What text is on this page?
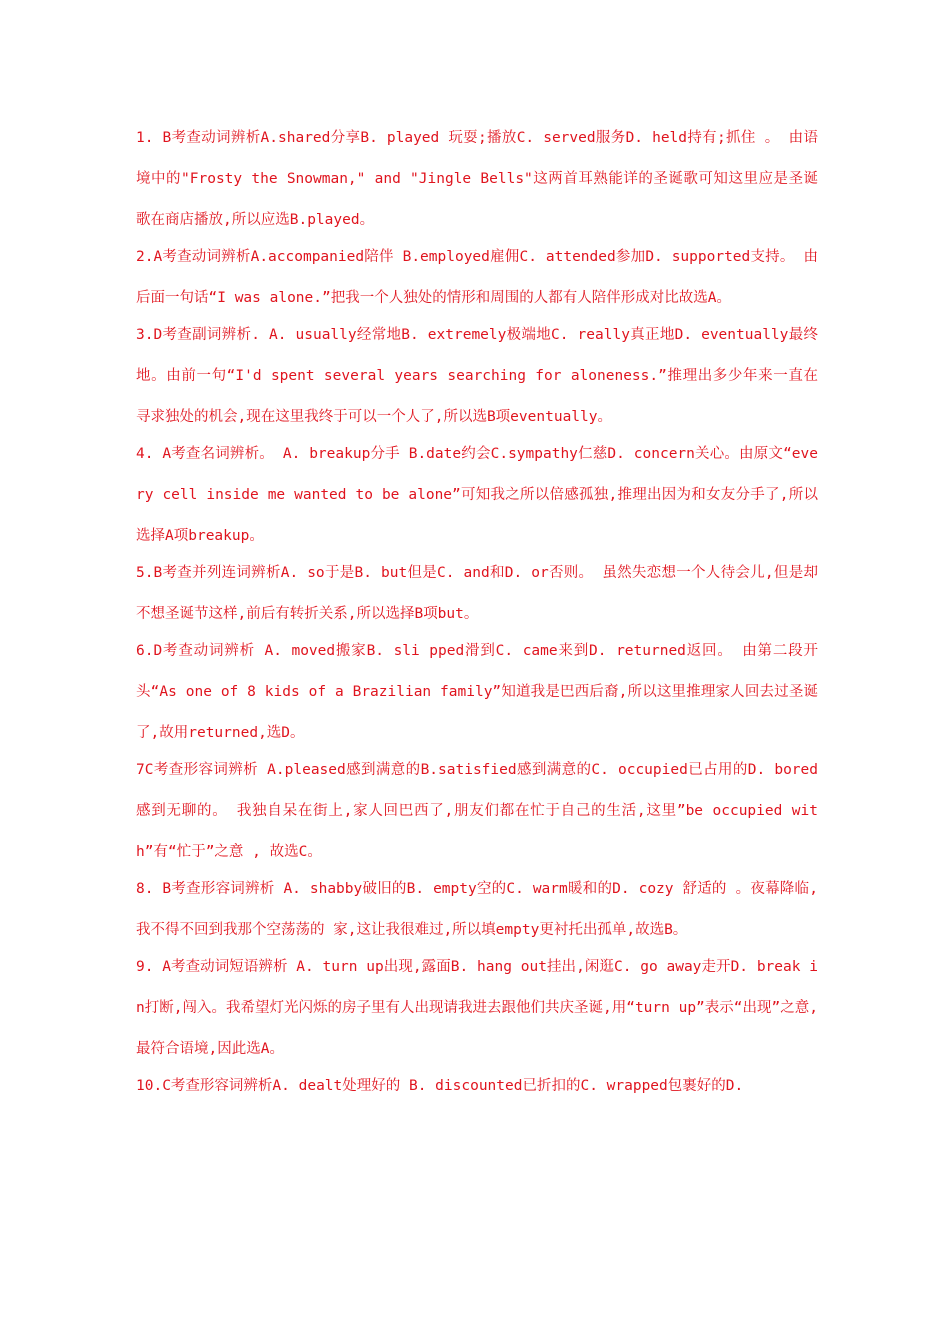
1. B考查动词辨析A.shared分享B. played 玩耍;播放C. served服务D. held持有;抓住 。 由语境中的"Frosty the Snowman," and "Jingle Bells"这两首耳熟能详的圣诞歌可知这里应是圣诞歌在商店播放,所以应选B.played。

2.A考查动词辨析A.accompanied陪伴 B.employed雇佣C. attended参加D. supported支持。 由后面一句话“I was alone.”把我一个人独处的情形和周围的人都有人陪伴形成对比故选A。

3.D考查副词辨析. A. usually经常地B. extremely极端地C. really真正地D. eventually最终地。由前一句“I'd spent several years searching for aloneness.”推理出多少年来一直在寻求独处的机会,现在这里我终于可以一个人了,所以选B项eventually。

4. A考查名词辨析。 A. breakup分手 B.date约会C.sympathy仁慈D. concern关心。由原文“every cell inside me wanted to be alone”可知我之所以倍感孤独,推理出因为和女友分手了,所以选择A项breakup。

5.B考查并列连词辨析A. so于是B. but但是C. and和D. or否则。 虽然失恋想一个人待会儿,但是却不想圣诞节这样,前后有转折关系,所以选择B项but。

6.D考查动词辨析 A. moved搬家B. sli pped滑到C. came来到D. returned返回。 由第二段开头“As one of 8 kids of a Brazilian family”知道我是巴西后裔,所以这里推理家人回去过圣诞了,故用returned,选D。

7C考查形容词辨析 A.pleased感到满意的B.satisfied感到满意的C. occupied已占用的D. bored感到无聊的。 我独自呆在街上,家人回巴西了,朋友们都在忙于自己的生活,这里”be occupied with”有“忙于”之意 , 故选C。

8. B考查形容词辨析 A. shabby破旧的B. empty空的C. warm暖和的D. cozy 舒适的 。夜幕降临,我不得不回到我那个空荡荡的 家,这让我很难过,所以填empty更衬托出孤单,故选B。

9. A考查动词短语辨析 A. turn up出现,露面B. hang out挂出,闲逛C. go away走开D. break in打断,闯入。我希望灯光闪烁的房子里有人出现请我进去跟他们共庆圣诞,用“turn up”表示“出现”之意,最符合语境,因此选A。

10.C考查形容词辨析A. dealt处理好的 B. discounted已折扣的C. wrapped包裹好的D.
